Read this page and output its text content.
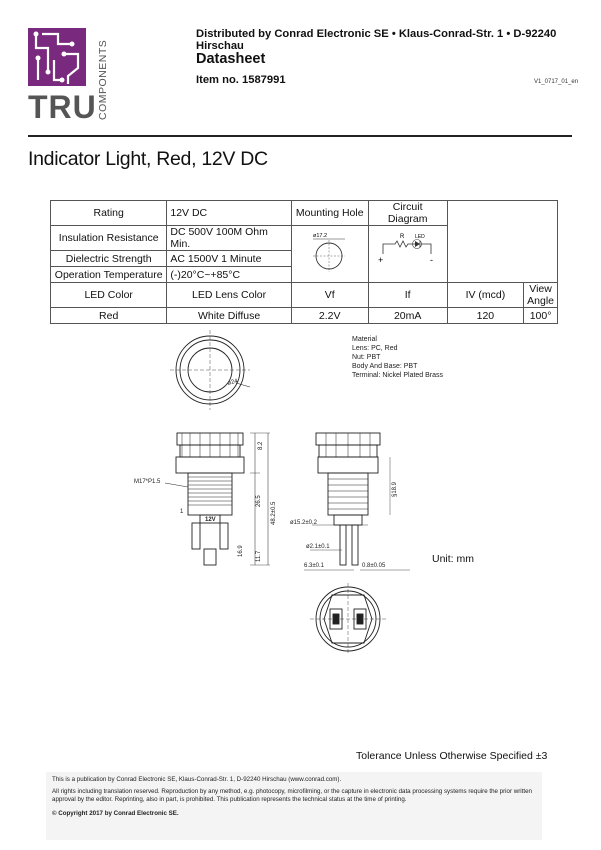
TRU COMPONENTS
Distributed by Conrad Electronic SE • Klaus-Conrad-Str. 1 • D-92240 Hirschau
Datasheet
Item no. 1587991	V1_0717_01_en
Indicator Light, Red, 12V DC
Rating	12V DC	Mounting Hole	Circuit Diagram		
Insulation Resistance	DC 500V 100M Ohm Min.	ø17.2	R LED
+ -		

Dielectric Strength	AC 1500V 1 Minute				
Operation Temperature	(-)20°C~+85°C				
LED Color	LED Lens Color	Vf	If	IV (mcd)	View Angle
Red	White Diffuse	2.2V	20mA	120	100°
ø24
M17*P1.5
1
12V
8.2
26.5
48.2±0.5
16.9 11.7
§18.9
ø15.2±0.2
ø2.1±0.1
6.3±0.1	0.8±0.05
Material
Lens: PC, Red
Nut: PBT
Body And Base: PBT
Terminal: Nickel Plated Brass
Unit: mm
Tolerance Unless Otherwise Specified ±3
This is a publication by Conrad Electronic SE, Klaus-Conrad-Str. 1, D-92240 Hirschau (www.conrad.com).
All rights including translation reserved. Reproduction by any method, e.g. photocopy, microfilming, or the capture in electronic data processing systems require the prior written approval by the editor. Reprinting, also in part, is prohibited. This publication represents the technical status at the time of printing.
© Copyright 2017 by Conrad Electronic SE.
